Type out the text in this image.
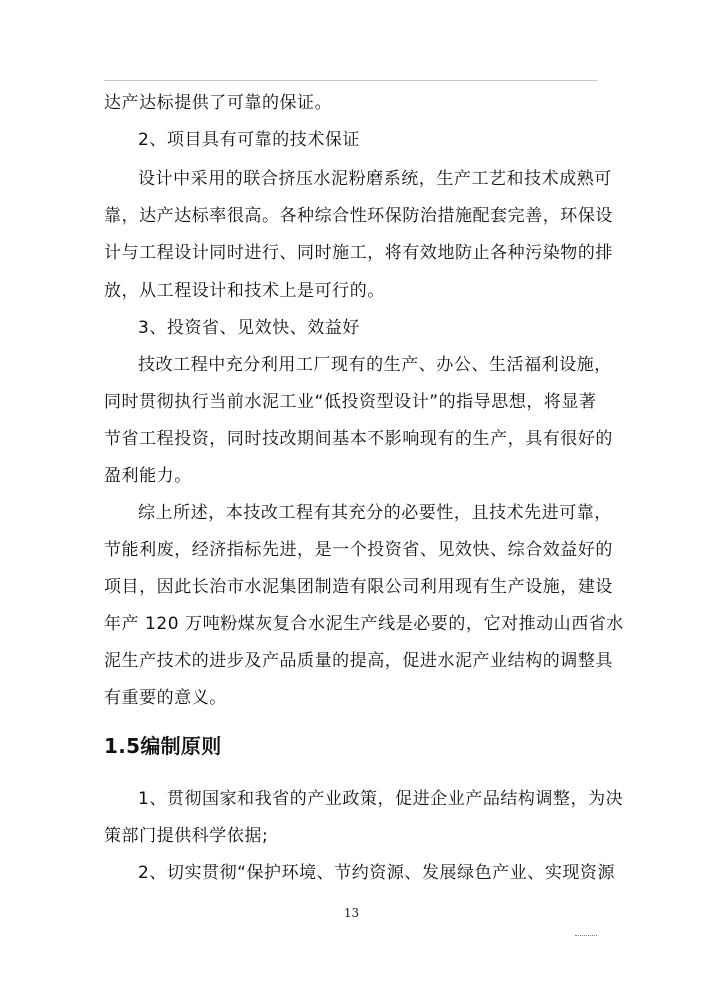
达产达标提供了可靠的保证。
2、项目具有可靠的技术保证
设计中采用的联合挤压水泥粉磨系统，生产工艺和技术成熟可
靠，达产达标率很高。各种综合性环保防治措施配套完善，环保设
计与工程设计同时进行、同时施工，将有效地防止各种污染物的排
放，从工程设计和技术上是可行的。
3、投资省、见效快、效益好
技改工程中充分利用工厂现有的生产、办公、生活福利设施，
同时贯彻执行当前水泥工业“低投资型设计”的指导思想，将显著
节省工程投资，同时技改期间基本不影响现有的生产，具有很好的
盈利能力。
综上所述，本技改工程有其充分的必要性，且技术先进可靠，
节能利废，经济指标先进，是一个投资省、见效快、综合效益好的
项目，因此长治市水泥集团制造有限公司利用现有生产设施，建设
年产 120 万吨粉煤灰复合水泥生产线是必要的，它对推动山西省水
泥生产技术的进步及产品质量的提高，促进水泥产业结构的调整具
有重要的意义。
1.5编制原则
1、贯彻国家和我省的产业政策，促进企业产品结构调整，为决
策部门提供科学依据;
2、切实贯彻“保护环境、节约资源、发展绿色产业、实现资源
13
